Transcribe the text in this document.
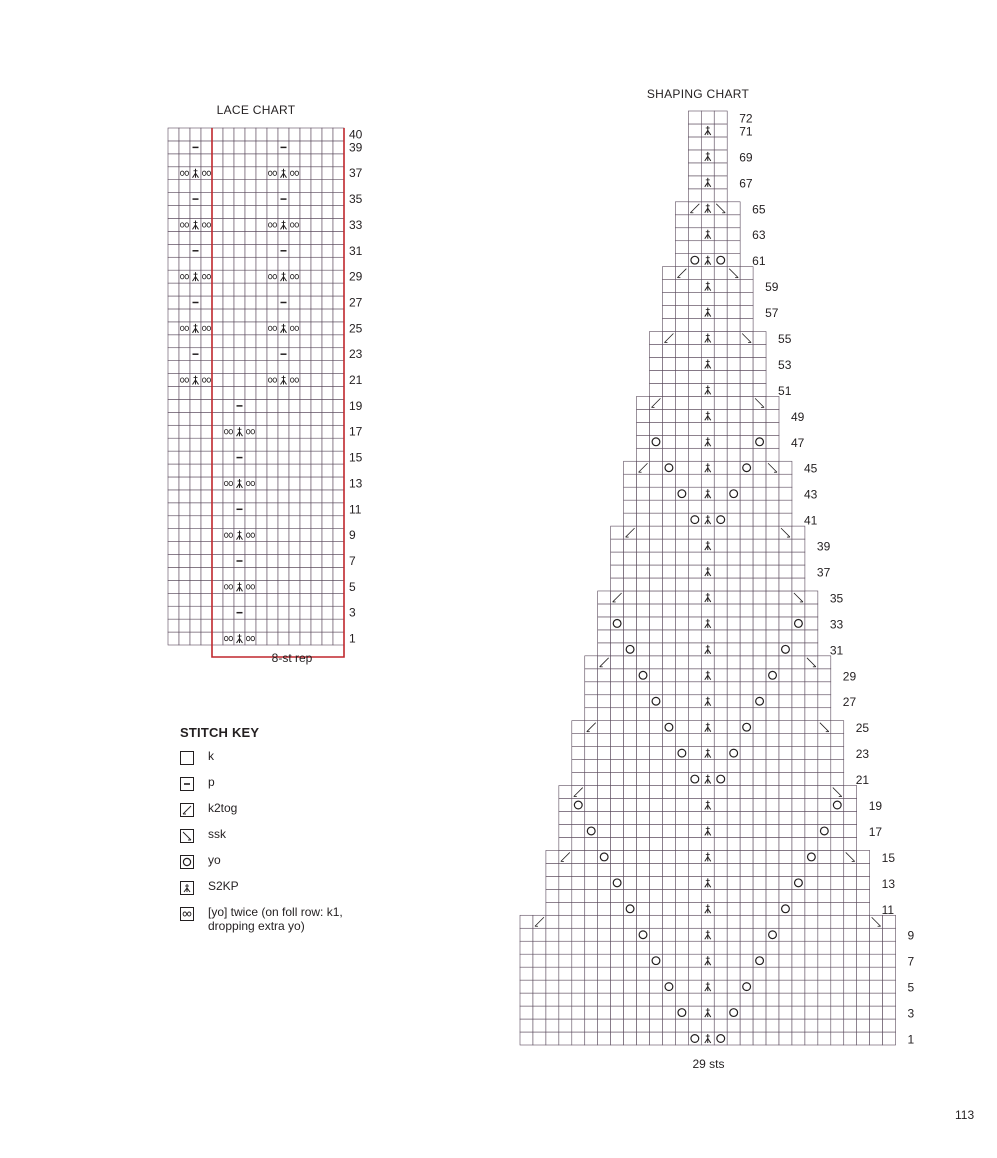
LACE CHART
40
39
37
35
33
31
29
27
25
23
21
19
17
15
13
11
9
7
5
3
1
8-st rep
SHAPING CHART
72
71
69
67
65
63
61
59
57
55
53
51
49
47
45
43
41
39
37
35
33
31
29
27
25
23
21
19
17
15
13
11
9
7
5
3
1
29 sts
STITCH KEY
k
p
k2tog
ssk
yo
S2KP
[yo] twice (on foll row: k1, dropping extra yo)
113
